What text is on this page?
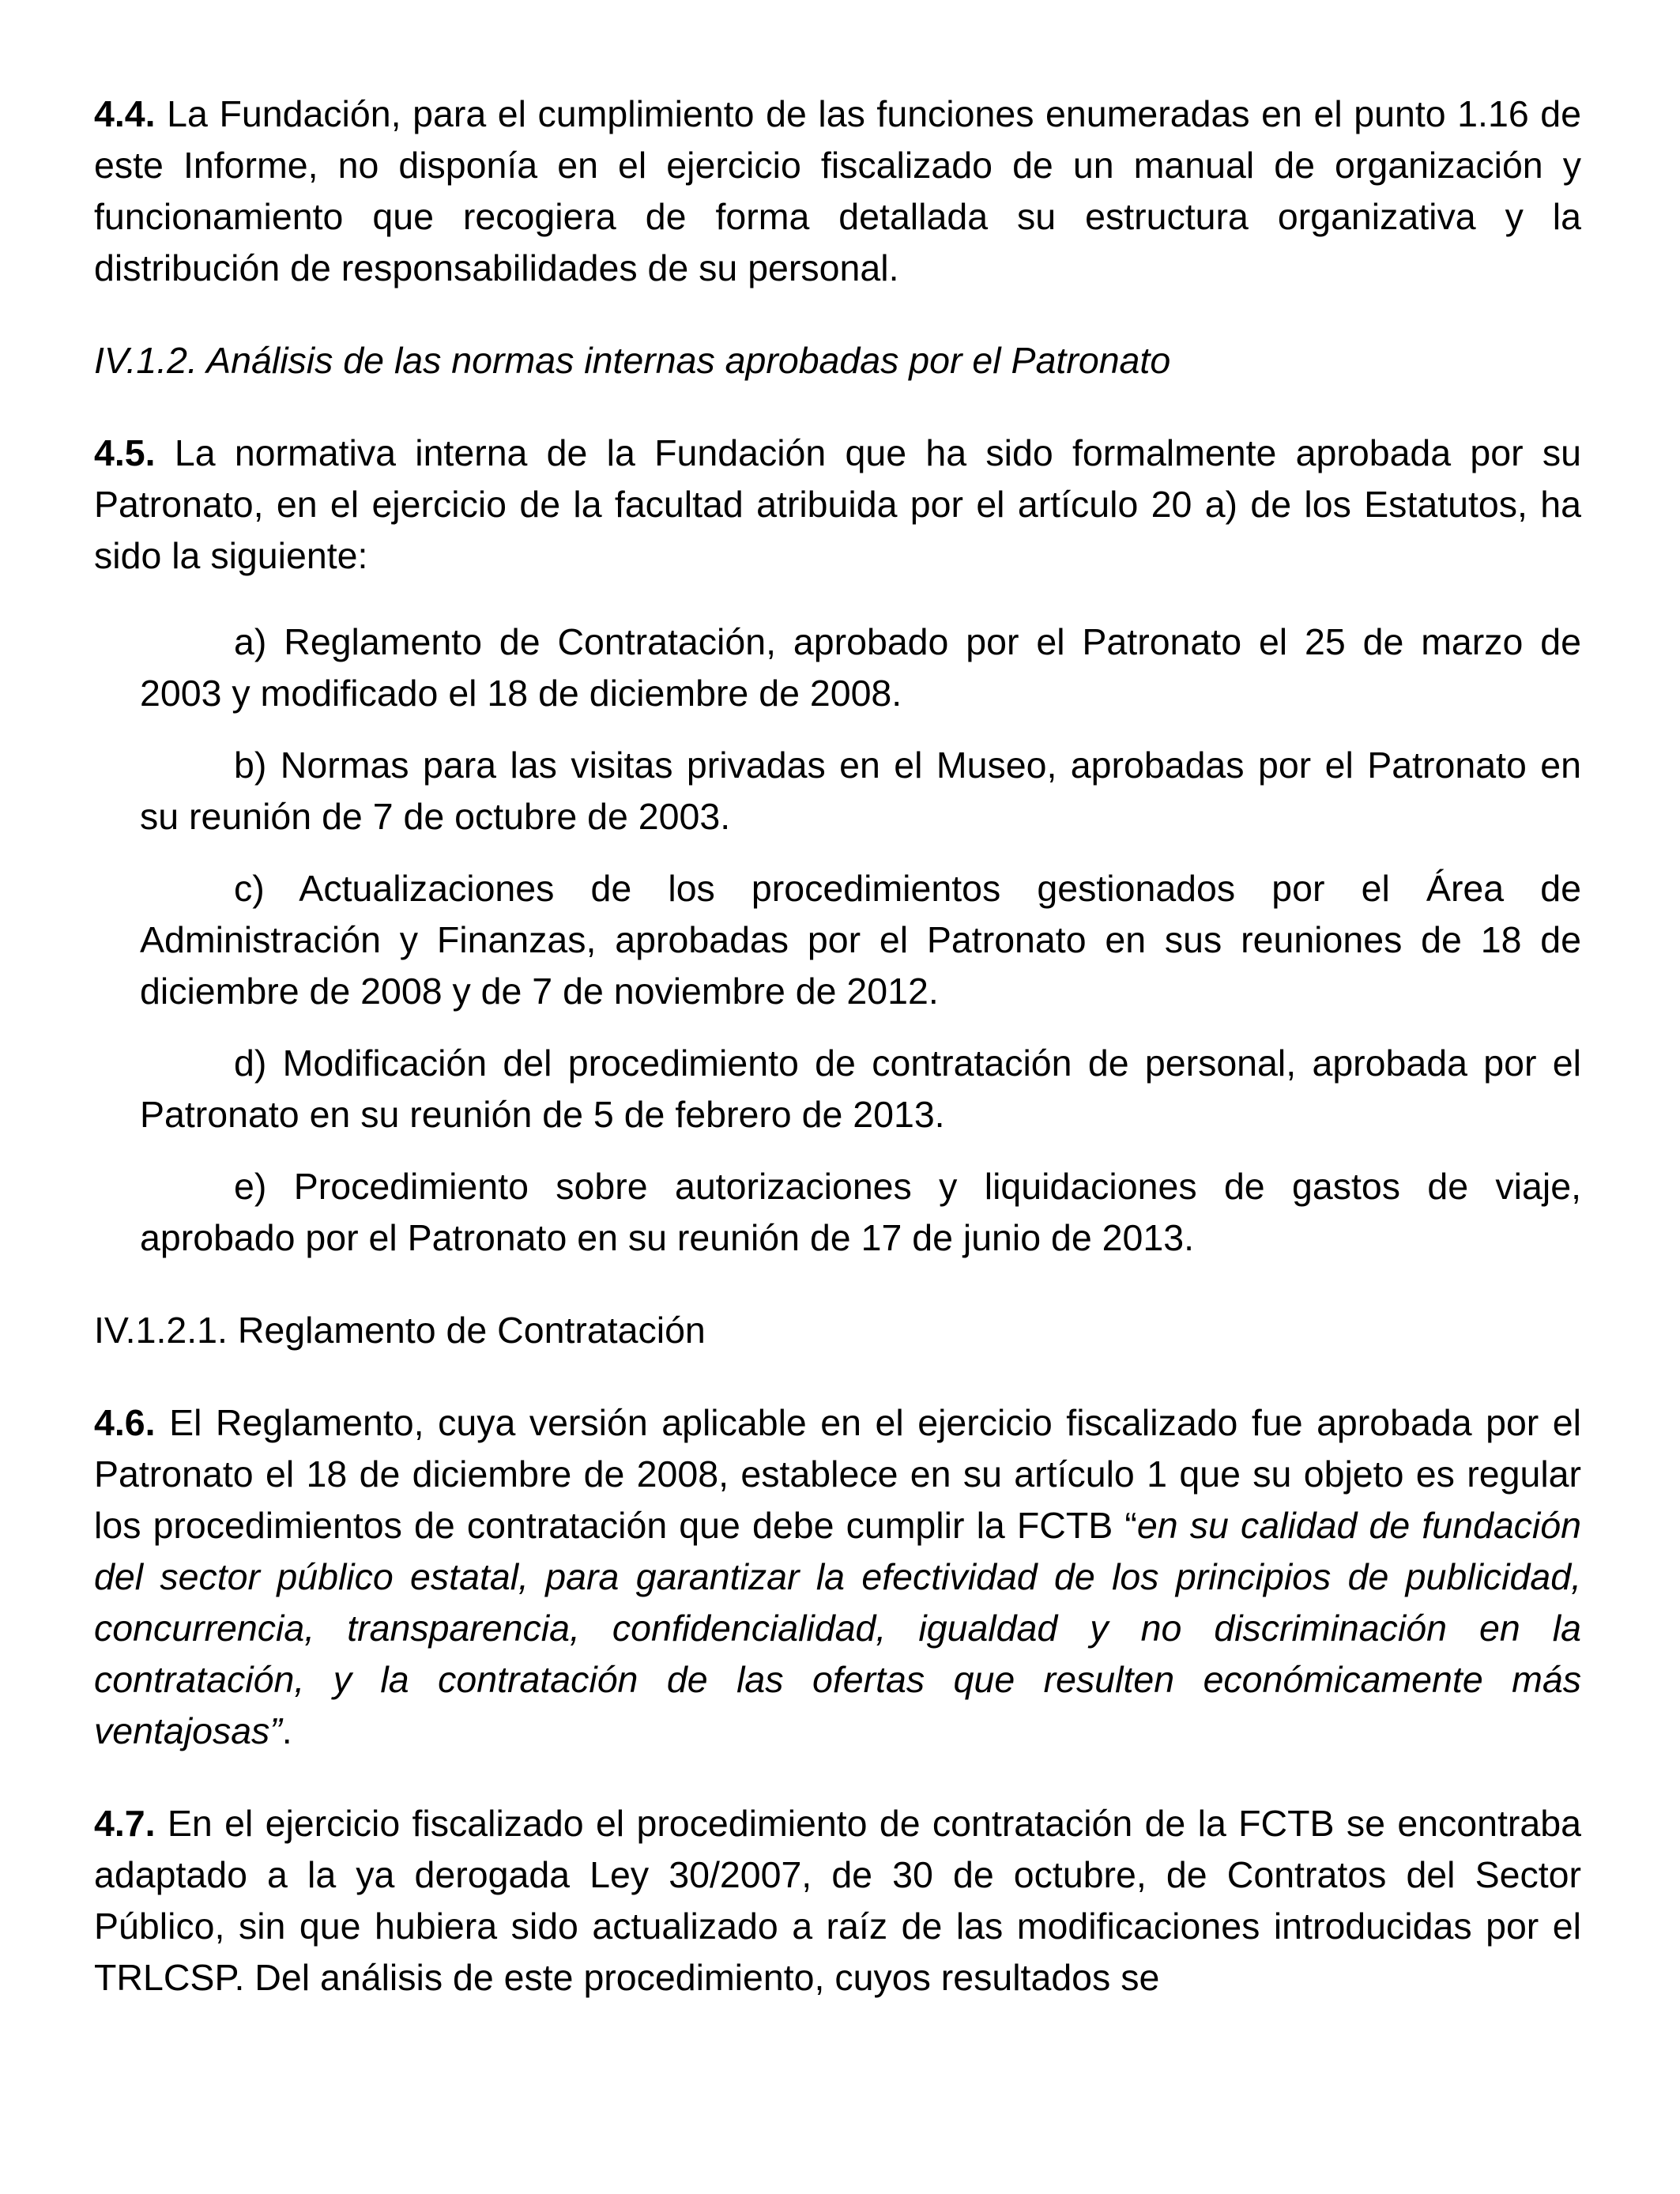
4.4. La Fundación, para el cumplimiento de las funciones enumeradas en el punto 1.16 de este Informe, no disponía en el ejercicio fiscalizado de un manual de organización y funcionamiento que recogiera de forma detallada su estructura organizativa y la distribución de responsabilidades de su personal.

IV.1.2. Análisis de las normas internas aprobadas por el Patronato

4.5. La normativa interna de la Fundación que ha sido formalmente aprobada por su Patronato, en el ejercicio de la facultad atribuida por el artículo 20 a) de los Estatutos, ha sido la siguiente:

a) Reglamento de Contratación, aprobado por el Patronato el 25 de marzo de 2003 y modificado el 18 de diciembre de 2008.

b) Normas para las visitas privadas en el Museo, aprobadas por el Patronato en su reunión de 7 de octubre de 2003.

c) Actualizaciones de los procedimientos gestionados por el Área de Administración y Finanzas, aprobadas por el Patronato en sus reuniones de 18 de diciembre de 2008 y de 7 de noviembre de 2012.

d) Modificación del procedimiento de contratación de personal, aprobada por el Patronato en su reunión de 5 de febrero de 2013.

e) Procedimiento sobre autorizaciones y liquidaciones de gastos de viaje, aprobado por el Patronato en su reunión de 17 de junio de 2013.

IV.1.2.1. Reglamento de Contratación

4.6. El Reglamento, cuya versión aplicable en el ejercicio fiscalizado fue aprobada por el Patronato el 18 de diciembre de 2008, establece en su artículo 1 que su objeto es regular los procedimientos de contratación que debe cumplir la FCTB “en su calidad de fundación del sector público estatal, para garantizar la efectividad de los principios de publicidad, concurrencia, transparencia, confidencialidad, igualdad y no discriminación en la contratación, y la contratación de las ofertas que resulten económicamente más ventajosas”.

4.7. En el ejercicio fiscalizado el procedimiento de contratación de la FCTB se encontraba adaptado a la ya derogada Ley 30/2007, de 30 de octubre, de Contratos del Sector Público, sin que hubiera sido actualizado a raíz de las modificaciones introducidas por el TRLCSP. Del análisis de este procedimiento, cuyos resultados se
